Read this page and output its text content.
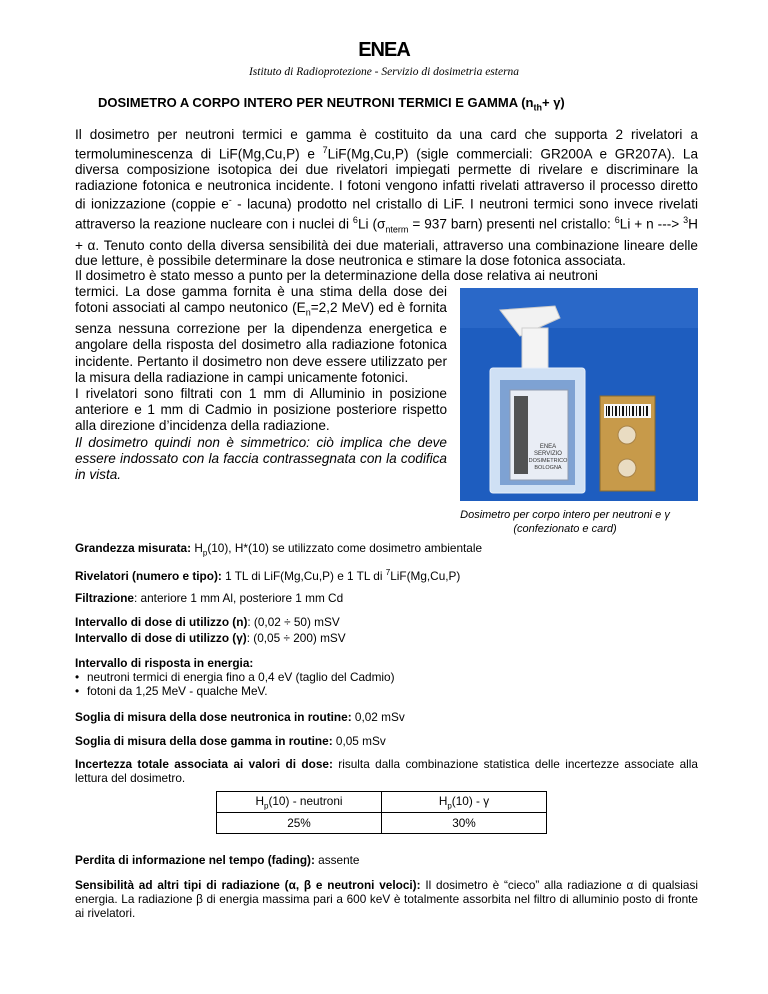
ENEA
Istituto di Radioprotezione - Servizio di dosimetria esterna
DOSIMETRO A CORPO INTERO PER NEUTRONI TERMICI E GAMMA $(n_{th}+ \gamma)$
Il dosimetro per neutroni termici e gamma è costituito da una card che supporta 2 rivelatori a termoluminescenza di LiF(Mg,Cu,P) e $^7$LiF(Mg,Cu,P) (sigle commerciali: GR200A e GR207A). La diversa composizione isotopica dei due rivelatori impiegati permette di rivelare e discriminare la radiazione fotonica e neutronica incidente. I fotoni vengono infatti rivelati attraverso il processo diretto di ionizzazione (coppie e- - lacuna) prodotto nel cristallo di LiF. I neutroni termici sono invece rivelati attraverso la reazione nucleare con i nuclei di $^6$Li ($\sigma_{nterm} = 937$ barn) presenti nel cristallo: $^6$Li + n ---> $^3$H + α. Tenuto conto della diversa sensibilità dei due materiali, attraverso una combinazione lineare delle due letture, è possibile determinare la dose neutronica e stimare la dose fotonica associata.
Il dosimetro è stato messo a punto per la determinazione della dose relativa ai neutroni
termici. La dose gamma fornita è una stima della dose dei fotoni associati al campo neutonico ($E_n=2,2$ MeV) ed è fornita senza nessuna correzione per la dipendenza energetica e angolare della risposta del dosimetro alla radiazione fotonica incidente. Pertanto il dosimetro non deve essere utilizzato per la misura della radiazione in campi unicamente fotonici.
I rivelatori sono filtrati con 1 mm di Alluminio in posizione anteriore e 1 mm di Cadmio in posizione posteriore rispetto alla direzione d’incidenza della radiazione.
Il dosimetro quindi non è simmetrico: ciò implica che deve essere indossato con la faccia contrassegnata con la codifica in vista.
ENEA
SERVIZIO
DOSIMETRICO
BOLOGNA
Dosimetro per corpo intero per neutroni e γ
(confezionato e card)
Grandezza misurata: $H_p(10)$, H*(10) se utilizzato come dosimetro ambientale
Rivelatori (numero e tipo): 1 TL di LiF(Mg,Cu,P) e 1 TL di $^7$LiF(Mg,Cu,P)
Filtrazione: anteriore 1 mm Al, posteriore 1 mm Cd
Intervallo di dose di utilizzo (n): (0,02 ÷ 50) mSV
Intervallo di dose di utilizzo (γ): (0,05 ÷ 200) mSV
Intervallo di risposta in energia:
• neutroni termici di energia fino a 0,4 eV (taglio del Cadmio)
• fotoni da 1,25 MeV - qualche MeV.
Soglia di misura della dose neutronica in routine: 0,02 mSv
Soglia di misura della dose gamma in routine: 0,05 mSv
Incertezza totale associata ai valori di dose: risulta dalla combinazione statistica delle incertezze associate alla lettura del dosimetro.
$H_p(10)$ - neutroni	$H_p(10)$ - γ
25%	30%
Perdita di informazione nel tempo (fading): assente
Sensibilità ad altri tipi di radiazione (α, β e neutroni veloci): Il dosimetro è “cieco” alla radiazione α di qualsiasi energia. La radiazione β di energia massima pari a 600 keV è totalmente assorbita nel filtro di alluminio posto di fronte ai rivelatori.
